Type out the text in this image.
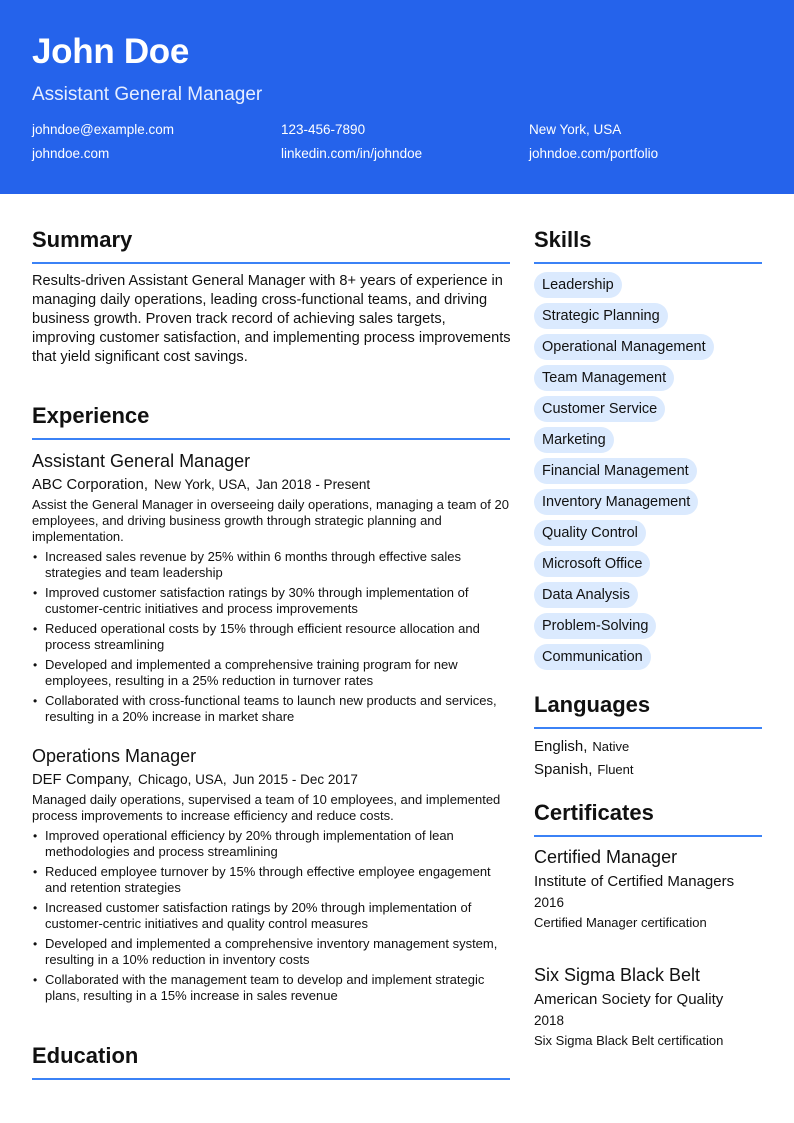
John Doe
Assistant General Manager
johndoe@example.com	123-456-7890	New York, USA
johndoe.com	linkedin.com/in/johndoe	johndoe.com/portfolio
Summary
Results-driven Assistant General Manager with 8+ years of experience in managing daily operations, leading cross-functional teams, and driving business growth. Proven track record of achieving sales targets, improving customer satisfaction, and implementing process improvements that yield significant cost savings.
Experience
Assistant General Manager
ABC Corporation, New York, USA, Jan 2018 - Present
Assist the General Manager in overseeing daily operations, managing a team of 20 employees, and driving business growth through strategic planning and implementation.
• Increased sales revenue by 25% within 6 months through effective sales strategies and team leadership
• Improved customer satisfaction ratings by 30% through implementation of customer-centric initiatives and process improvements
• Reduced operational costs by 15% through efficient resource allocation and process streamlining
• Developed and implemented a comprehensive training program for new employees, resulting in a 25% reduction in turnover rates
• Collaborated with cross-functional teams to launch new products and services, resulting in a 20% increase in market share
Operations Manager
DEF Company, Chicago, USA, Jun 2015 - Dec 2017
Managed daily operations, supervised a team of 10 employees, and implemented process improvements to increase efficiency and reduce costs.
• Improved operational efficiency by 20% through implementation of lean methodologies and process streamlining
• Reduced employee turnover by 15% through effective employee engagement and retention strategies
• Increased customer satisfaction ratings by 20% through implementation of customer-centric initiatives and quality control measures
• Developed and implemented a comprehensive inventory management system, resulting in a 10% reduction in inventory costs
• Collaborated with the management team to develop and implement strategic plans, resulting in a 15% increase in sales revenue
Education
Skills
Leadership
Strategic Planning
Operational Management
Team Management
Customer Service
Marketing
Financial Management
Inventory Management
Quality Control
Microsoft Office
Data Analysis
Problem-Solving
Communication
Languages
English, Native
Spanish, Fluent
Certificates
Certified Manager
Institute of Certified Managers
2016
Certified Manager certification
Six Sigma Black Belt
American Society for Quality
2018
Six Sigma Black Belt certification
